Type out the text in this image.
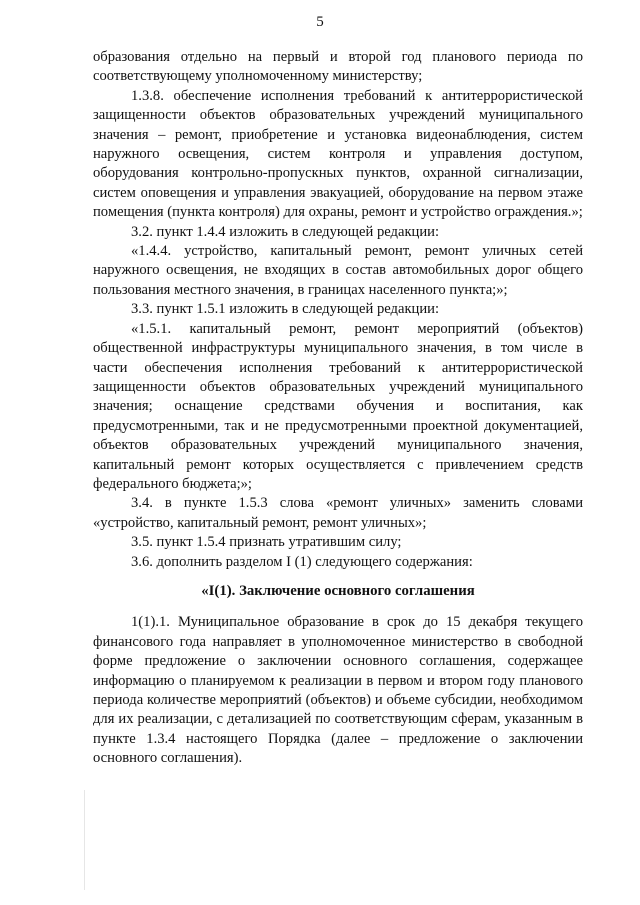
5

образования отдельно на первый и второй год планового периода по соответствующему уполномоченному министерству;

1.3.8. обеспечение исполнения требований к антитеррористической защищенности объектов образовательных учреждений муниципального значения – ремонт, приобретение и установка видеонаблюдения, систем наружного освещения, систем контроля и управления доступом, оборудования контрольно-пропускных пунктов, охранной сигнализации, систем оповещения и управления эвакуацией, оборудование на первом этаже помещения (пункта контроля) для охраны, ремонт и устройство ограждения.»;

3.2. пункт 1.4.4 изложить в следующей редакции:

«1.4.4. устройство, капитальный ремонт, ремонт уличных сетей наружного освещения, не входящих в состав автомобильных дорог общего пользования местного значения, в границах населенного пункта;»;

3.3. пункт 1.5.1 изложить в следующей редакции:

«1.5.1. капитальный ремонт, ремонт мероприятий (объектов) общественной инфраструктуры муниципального значения, в том числе в части обеспечения исполнения требований к антитеррористической защищенности объектов образовательных учреждений муниципального значения; оснащение средствами обучения и воспитания, как предусмотренными, так и не предусмотренными проектной документацией, объектов образовательных учреждений муниципального значения, капитальный ремонт которых осуществляется с привлечением средств федерального бюджета;»;

3.4. в пункте 1.5.3 слова «ремонт уличных» заменить словами «устройство, капитальный ремонт, ремонт уличных»;

3.5. пункт 1.5.4 признать утратившим силу;

3.6. дополнить разделом I (1) следующего содержания:

«I(1). Заключение основного соглашения

1(1).1. Муниципальное образование в срок до 15 декабря текущего финансового года направляет в уполномоченное министерство в свободной форме предложение о заключении основного соглашения, содержащее информацию о планируемом к реализации в первом и втором году планового периода количестве мероприятий (объектов) и объеме субсидии, необходимом для их реализации, с детализацией по соответствующим сферам, указанным в пункте 1.3.4 настоящего Порядка (далее – предложение о заключении основного соглашения).
